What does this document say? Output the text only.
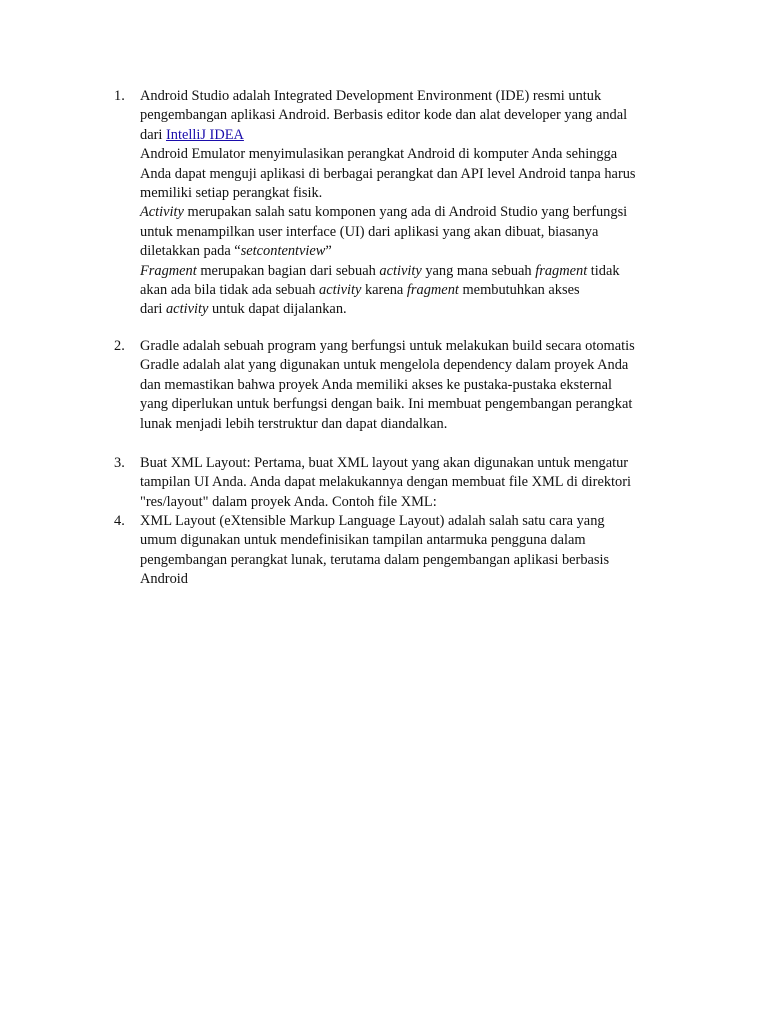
1. Android Studio adalah Integrated Development Environment (IDE) resmi untuk
pengembangan aplikasi Android. Berbasis editor kode dan alat developer yang andal
dari IntelliJ IDEA
Android Emulator menyimulasikan perangkat Android di komputer Anda sehingga
Anda dapat menguji aplikasi di berbagai perangkat dan API level Android tanpa harus
memiliki setiap perangkat fisik.
Activity merupakan salah satu komponen yang ada di Android Studio yang berfungsi
untuk menampilkan user interface (UI) dari aplikasi yang akan dibuat, biasanya
diletakkan pada “setcontentview”
Fragment merupakan bagian dari sebuah activity yang mana sebuah fragment tidak
akan ada bila tidak ada sebuah activity karena fragment membutuhkan akses
dari activity untuk dapat dijalankan.
2. Gradle adalah sebuah program yang berfungsi untuk melakukan build secara otomatis
Gradle adalah alat yang digunakan untuk mengelola dependency dalam proyek Anda
dan memastikan bahwa proyek Anda memiliki akses ke pustaka-pustaka eksternal
yang diperlukan untuk berfungsi dengan baik. Ini membuat pengembangan perangkat
lunak menjadi lebih terstruktur dan dapat diandalkan.
3. Buat XML Layout: Pertama, buat XML layout yang akan digunakan untuk mengatur
tampilan UI Anda. Anda dapat melakukannya dengan membuat file XML di direktori
"res/layout" dalam proyek Anda. Contoh file XML:
4. XML Layout (eXtensible Markup Language Layout) adalah salah satu cara yang
umum digunakan untuk mendefinisikan tampilan antarmuka pengguna dalam
pengembangan perangkat lunak, terutama dalam pengembangan aplikasi berbasis
Android
